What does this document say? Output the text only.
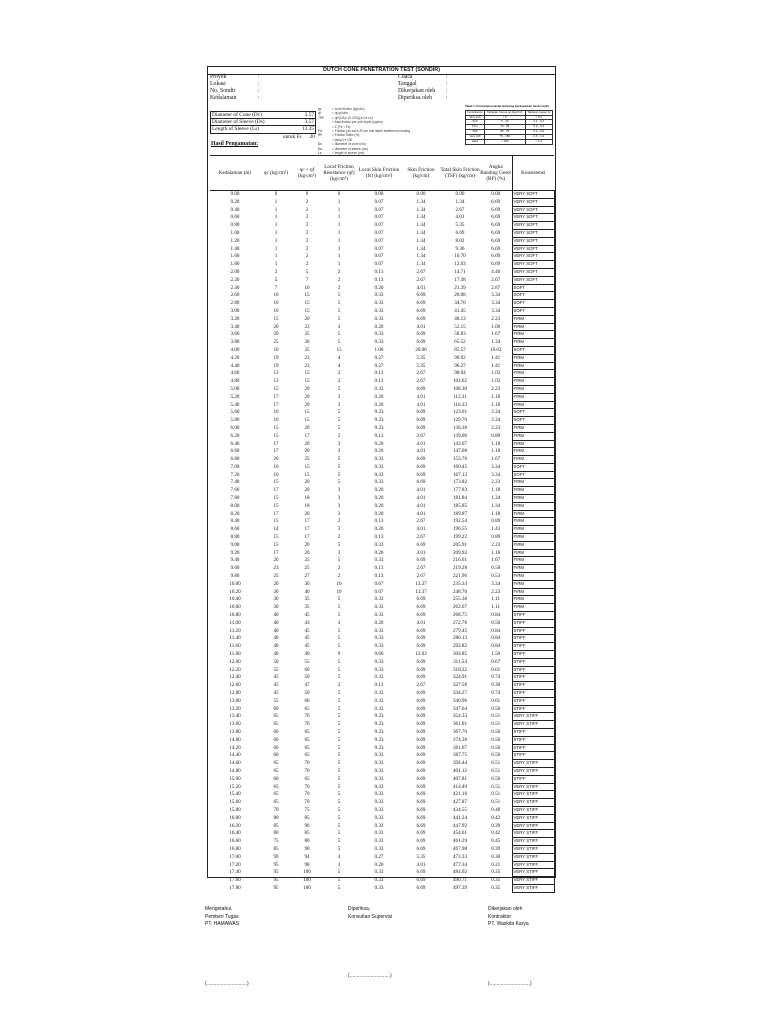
DUTCH CONE PENETRATION TEST (SONDIR)
Proyek	:
Lokasi	:
No. Sondir	:
Kedalaman	:
Cuaca	:
Tanggal	:
Dikerjakan oleh	:
Diperiksa oleh	:
Diameter of Cone (Dc)	3.57
Diameter of Sleeve (Ds)	3.57
Length of Sleeve (Ls)	13.35
untuk Fs 20
Hasil Pengamatan:
qc	= cone friction (kg/cm²)
qf	= qt-qc/obs
TSF	= qt*(1/A)= (0.2/10)(π Ds Ls)
= total friction per unit depth (kg/cm)
= Σ (Fs + Fs)
Fd	= Friction per each 20 cm unit depth settlement reading
RF	= Friction Ratio (%)
= (fs/qc) x 100
Dc	= diameter of cone (cm)
Ds	= diameter of sleeve (cm)
Ls	= length of sleeve (cm)
Tabel 1. Konsistensi tanah lempung berdasarkan hasil sondir
Konsistensi	Tahanan Konus qc (kg/cm²)	Tahanan Geser fs
Very soft	< 5	< 0.1
Soft	5 - 10	0.1 - 0.2
Firm	10 - 35	0.2 - 0.4
Stiff	35 - 75	0.4 - 0.6
Very stiff	75 - 150	0.6 - 1.2
Hard	> 150	> 1.2
Kedalaman (m)	qc (kg/cm²)	qc + qf (kg/cm²)	Local Friction Resistance (qf) (kg/cm²)	Local Skin Friction (fs) (kg/cm²)	Skin Friction (kg/cm)	Total Skin Friction (TSF) (kg/cm)	Angka Banding Geser (RF) (%)	Konsistensi
0.00	0	0	0	0.00	0.00	0.00	0.00	VERY SOFT
0.20	1	2	1	0.07	1.34	1.34	6.69	VERY SOFT
0.40	1	2	1	0.07	1.34	2.67	6.69	VERY SOFT
0.60	1	2	1	0.07	1.34	4.01	6.69	VERY SOFT
0.80	1	2	1	0.07	1.34	5.35	6.69	VERY SOFT
1.00	1	2	1	0.07	1.34	6.69	6.69	VERY SOFT
1.20	1	2	1	0.07	1.34	8.02	6.69	VERY SOFT
1.40	1	2	1	0.07	1.34	9.36	6.69	VERY SOFT
1.60	1	2	1	0.07	1.34	10.70	6.69	VERY SOFT
1.80	1	2	1	0.07	1.34	12.03	6.69	VERY SOFT
2.00	3	5	2	0.13	2.67	14.71	4.46	VERY SOFT
2.20	5	7	2	0.13	2.67	17.38	2.67	VERY SOFT
2.40	7	10	3	0.20	4.01	21.39	2.87	SOFT
2.60	10	15	5	0.33	6.69	28.08	3.34	SOFT
2.80	10	15	5	0.33	6.69	34.76	3.34	SOFT
3.00	10	15	5	0.33	6.69	41.45	3.34	SOFT
3.20	15	20	5	0.33	6.69	48.13	2.23	FIRM
3.40	20	23	3	0.20	4.01	52.15	1.00	FIRM
3.60	20	25	5	0.33	6.69	58.83	1.67	FIRM
3.80	25	30	5	0.33	6.69	65.52	1.34	FIRM
4.00	10	25	15	1.00	20.06	85.57	10.03	SOFT
4.20	19	23	4	0.27	5.35	90.92	1.41	FIRM
4.40	19	23	4	0.27	5.35	96.27	1.41	FIRM
4.60	13	15	2	0.13	2.67	98.94	1.03	FIRM
4.80	13	15	2	0.13	2.67	101.62	1.03	FIRM
5.00	15	20	5	0.33	6.69	108.30	2.23	FIRM
5.20	17	20	3	0.20	4.01	112.31	1.18	FIRM
5.40	17	20	3	0.20	4.01	116.33	1.18	FIRM
5.60	10	15	5	0.33	6.69	123.01	3.34	SOFT
5.80	10	15	5	0.33	6.69	129.70	3.34	SOFT
6.00	15	20	5	0.33	6.69	136.38	2.23	FIRM
6.20	15	17	2	0.13	2.67	139.06	0.89	FIRM
6.40	17	20	3	0.20	4.01	143.07	1.18	FIRM
6.60	17	20	3	0.20	4.01	147.08	1.18	FIRM
6.80	20	25	5	0.33	6.69	153.76	1.67	FIRM
7.00	10	15	5	0.33	6.69	160.45	3.34	SOFT
7.20	10	15	5	0.33	6.69	167.13	3.34	SOFT
7.40	15	20	5	0.33	6.69	173.82	2.23	FIRM
7.60	17	20	3	0.20	4.01	177.83	1.18	FIRM
7.80	15	18	3	0.20	4.01	181.84	1.34	FIRM
8.00	15	18	3	0.20	4.01	185.85	1.34	FIRM
8.20	17	20	3	0.20	4.01	189.87	1.18	FIRM
8.40	15	17	2	0.13	2.67	192.54	0.89	FIRM
8.60	14	17	3	0.20	4.01	196.55	1.43	FIRM
8.80	15	17	2	0.13	2.67	199.22	0.89	FIRM
9.00	15	20	5	0.33	6.69	205.91	2.23	FIRM
9.20	17	20	3	0.20	4.01	209.92	1.18	FIRM
9.40	20	25	5	0.33	6.69	216.61	1.67	FIRM
9.60	23	25	2	0.13	2.67	219.28	0.58	FIRM
9.80	25	27	2	0.13	2.67	221.96	0.53	FIRM
10.00	20	30	10	0.67	13.37	235.33	3.34	FIRM
10.20	30	40	10	0.67	13.37	248.70	2.23	FIRM
10.40	30	35	5	0.33	6.69	255.38	1.11	FIRM
10.60	30	35	5	0.33	6.69	262.07	1.11	FIRM
10.80	40	45	5	0.33	6.69	268.75	0.84	STIFF
11.00	40	43	3	0.20	4.01	272.76	0.50	STIFF
11.20	40	45	5	0.33	6.69	279.45	0.84	STIFF
11.40	40	45	5	0.33	6.69	286.13	0.84	STIFF
11.60	40	45	5	0.33	6.69	292.82	0.84	STIFF
11.80	40	49	9	0.60	12.03	304.85	1.50	STIFF
12.00	50	55	5	0.33	6.69	311.54	0.67	STIFF
12.20	55	60	5	0.33	6.69	318.22	0.61	STIFF
12.40	45	50	5	0.33	6.69	324.91	0.74	STIFF
12.60	45	47	2	0.13	2.67	327.58	0.30	STIFF
12.80	45	50	5	0.33	6.69	334.27	0.74	STIFF
13.00	55	60	5	0.33	6.69	340.96	0.61	STIFF
13.20	60	65	5	0.33	6.69	347.64	0.56	STIFF
13.40	65	70	5	0.33	6.69	354.33	0.51	VERY STIFF
13.60	65	70	5	0.33	6.69	361.01	0.51	VERY STIFF
13.80	60	65	5	0.33	6.69	367.70	0.56	STIFF
14.00	60	65	5	0.33	6.69	374.38	0.56	STIFF
14.20	60	65	5	0.33	6.69	381.07	0.56	STIFF
14.40	60	65	5	0.33	6.69	387.75	0.56	STIFF
14.60	65	70	5	0.33	6.69	394.44	0.51	VERY STIFF
14.80	65	70	5	0.33	6.69	401.12	0.51	VERY STIFF
15.00	60	65	5	0.33	6.69	407.81	0.56	STIFF
15.20	65	70	5	0.33	6.69	414.49	0.51	VERY STIFF
15.40	65	70	5	0.33	6.69	421.18	0.51	VERY STIFF
15.60	65	70	5	0.33	6.69	427.87	0.51	VERY STIFF
15.80	70	75	5	0.33	6.69	434.55	0.48	VERY STIFF
16.00	80	85	5	0.33	6.69	441.24	0.42	VERY STIFF
16.20	85	90	5	0.33	6.69	447.92	0.39	VERY STIFF
16.40	80	85	5	0.33	6.69	454.61	0.42	VERY STIFF
16.60	75	80	5	0.33	6.69	461.29	0.45	VERY STIFF
16.80	85	90	5	0.33	6.69	467.98	0.39	VERY STIFF
17.00	90	94	4	0.27	5.35	473.33	0.30	VERY STIFF
17.20	95	98	3	0.20	4.01	477.34	0.21	VERY STIFF
17.40	95	100	5	0.33	6.69	484.02	0.35	VERY STIFF
17.60	95	100	5	0.33	6.69	490.71	0.35	VERY STIFF
17.80	95	100	5	0.33	6.69	497.39	0.35	VERY STIFF
Mengetahui,
Pemberi Tugas
PT. HAMAWAS
(.............................)
Diperiksa,
Konsultan Supervisi
(.............................)
Dikerjakan oleh
Kontraktor
PT. Waskita Karya
(.............................)
